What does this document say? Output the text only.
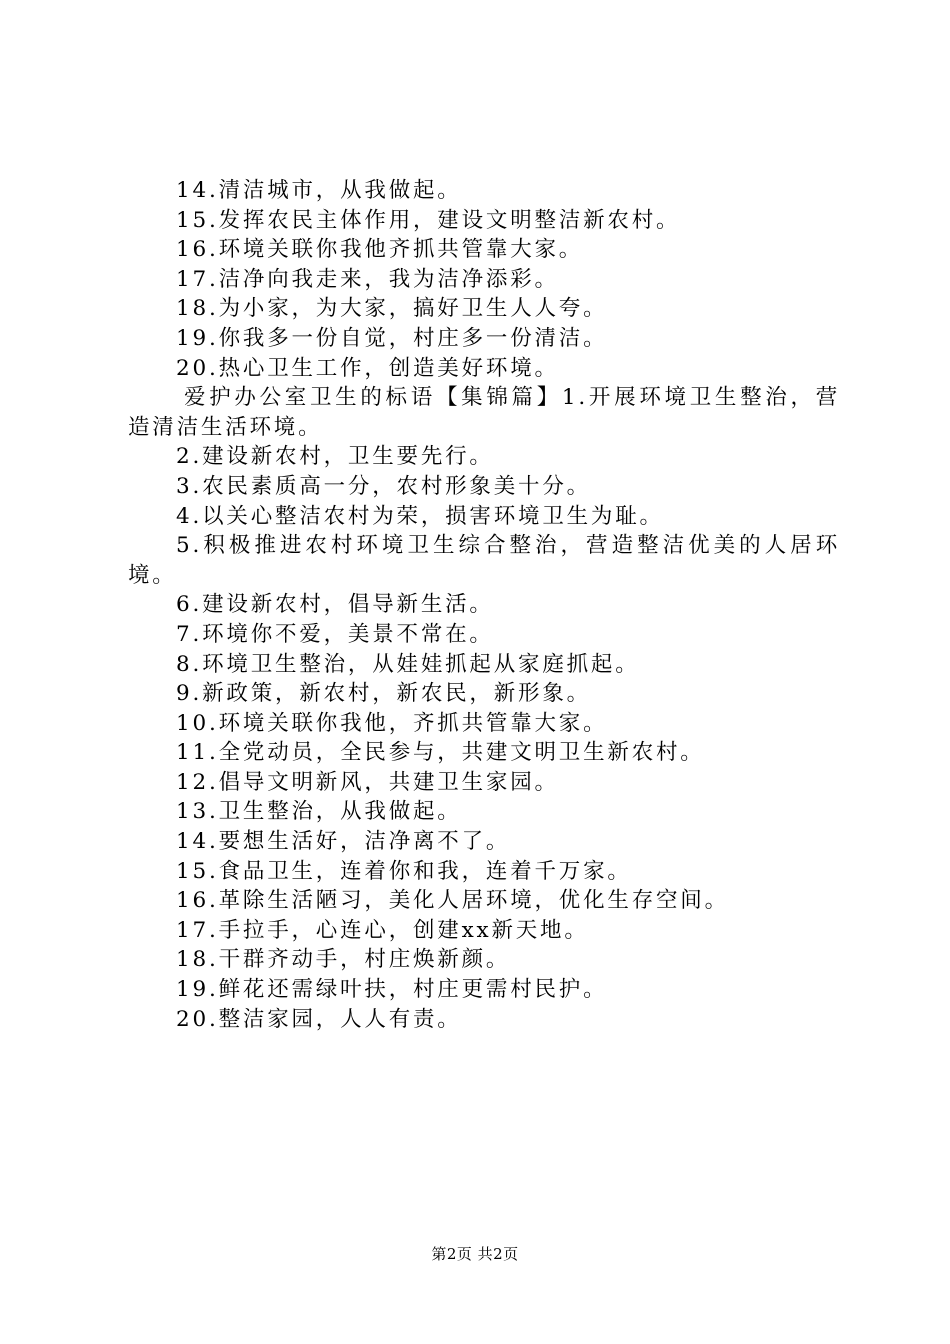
14.清洁城市，从我做起。
15.发挥农民主体作用，建设文明整洁新农村。
16.环境关联你我他齐抓共管靠大家。
17.洁净向我走来，我为洁净添彩。
18.为小家，为大家，搞好卫生人人夸。
19.你我多一份自觉，村庄多一份清洁。
20.热心卫生工作，创造美好环境。

爱护办公室卫生的标语【集锦篇】1.开展环境卫生整治，营造清洁生活环境。

2.建设新农村，卫生要先行。
3.农民素质高一分，农村形象美十分。
4.以关心整洁农村为荣，损害环境卫生为耻。

5.积极推进农村环境卫生综合整治，营造整洁优美的人居环境。

6.建设新农村，倡导新生活。
7.环境你不爱，美景不常在。
8.环境卫生整治，从娃娃抓起从家庭抓起。
9.新政策，新农村，新农民，新形象。
10.环境关联你我他，齐抓共管靠大家。
11.全党动员，全民参与，共建文明卫生新农村。
12.倡导文明新风，共建卫生家园。
13.卫生整治，从我做起。
14.要想生活好，洁净离不了。
15.食品卫生，连着你和我，连着千万家。
16.革除生活陋习，美化人居环境，优化生存空间。
17.手拉手，心连心，创建xx新天地。
18.干群齐动手，村庄焕新颜。
19.鲜花还需绿叶扶，村庄更需村民护。
20.整洁家园，人人有责。
第2页 共2页
